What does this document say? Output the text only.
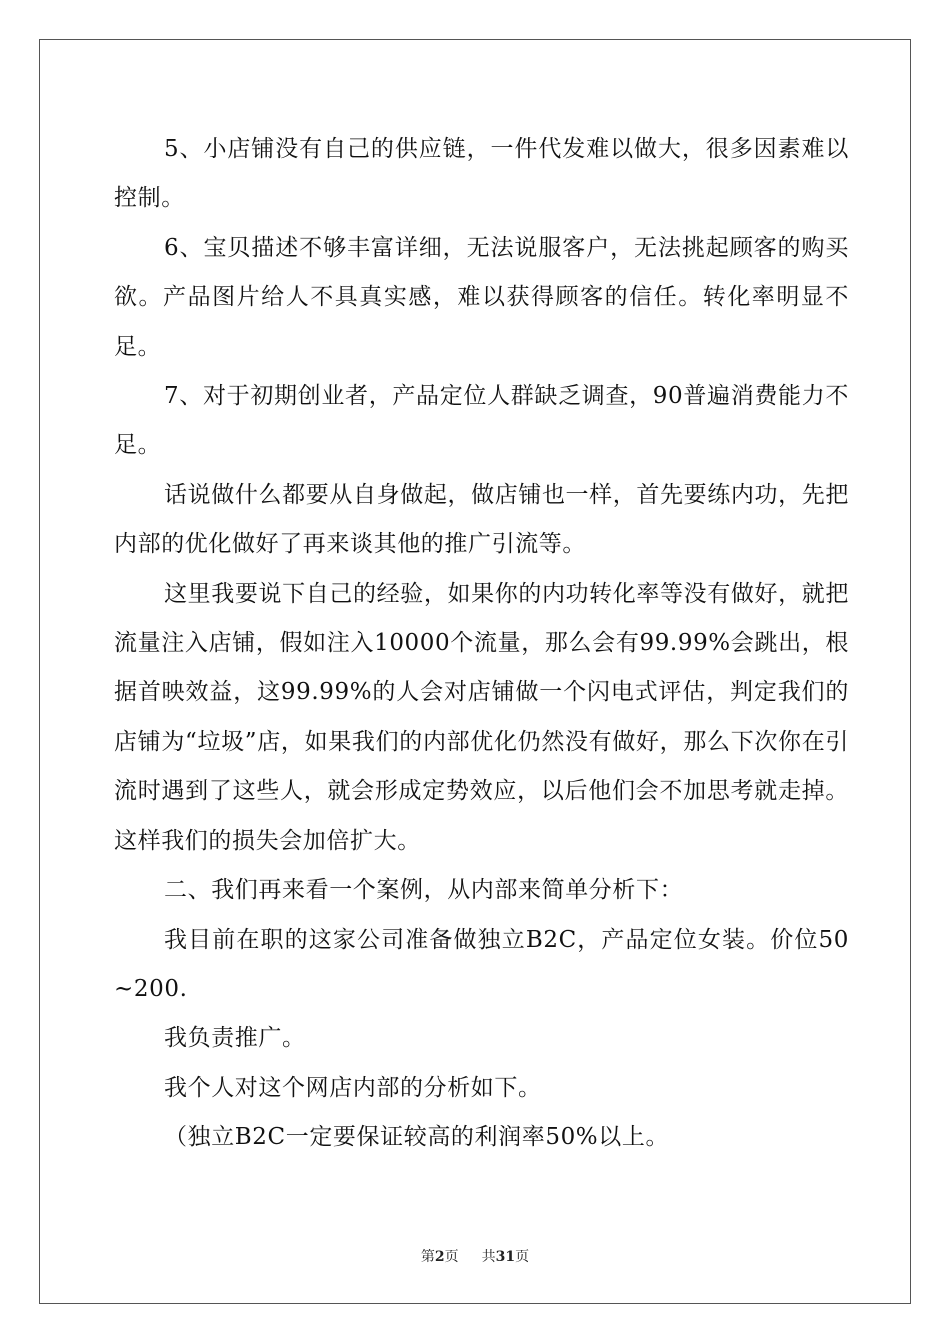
5、小店铺没有自己的供应链，一件代发难以做大，很多因素难以控制。

6、宝贝描述不够丰富详细，无法说服客户，无法挑起顾客的购买欲。产品图片给人不具真实感，难以获得顾客的信任。转化率明显不足。

7、对于初期创业者，产品定位人群缺乏调查，90普遍消费能力不足。

话说做什么都要从自身做起，做店铺也一样，首先要练内功，先把内部的优化做好了再来谈其他的推广引流等。

这里我要说下自己的经验，如果你的内功转化率等没有做好，就把流量注入店铺，假如注入10000个流量，那么会有99.99%会跳出，根据首映效益，这99.99%的人会对店铺做一个闪电式评估，判定我们的店铺为“垃圾”店，如果我们的内部优化仍然没有做好，那么下次你在引流时遇到了这些人，就会形成定势效应，以后他们会不加思考就走掉。这样我们的损失会加倍扩大。

二、我们再来看一个案例，从内部来简单分析下：

我目前在职的这家公司准备做独立B2C，产品定位女装。价位50~200.

我负责推广。

我个人对这个网店内部的分析如下。

（独立B2C一定要保证较高的利润率50%以上。

第2页 共31页
